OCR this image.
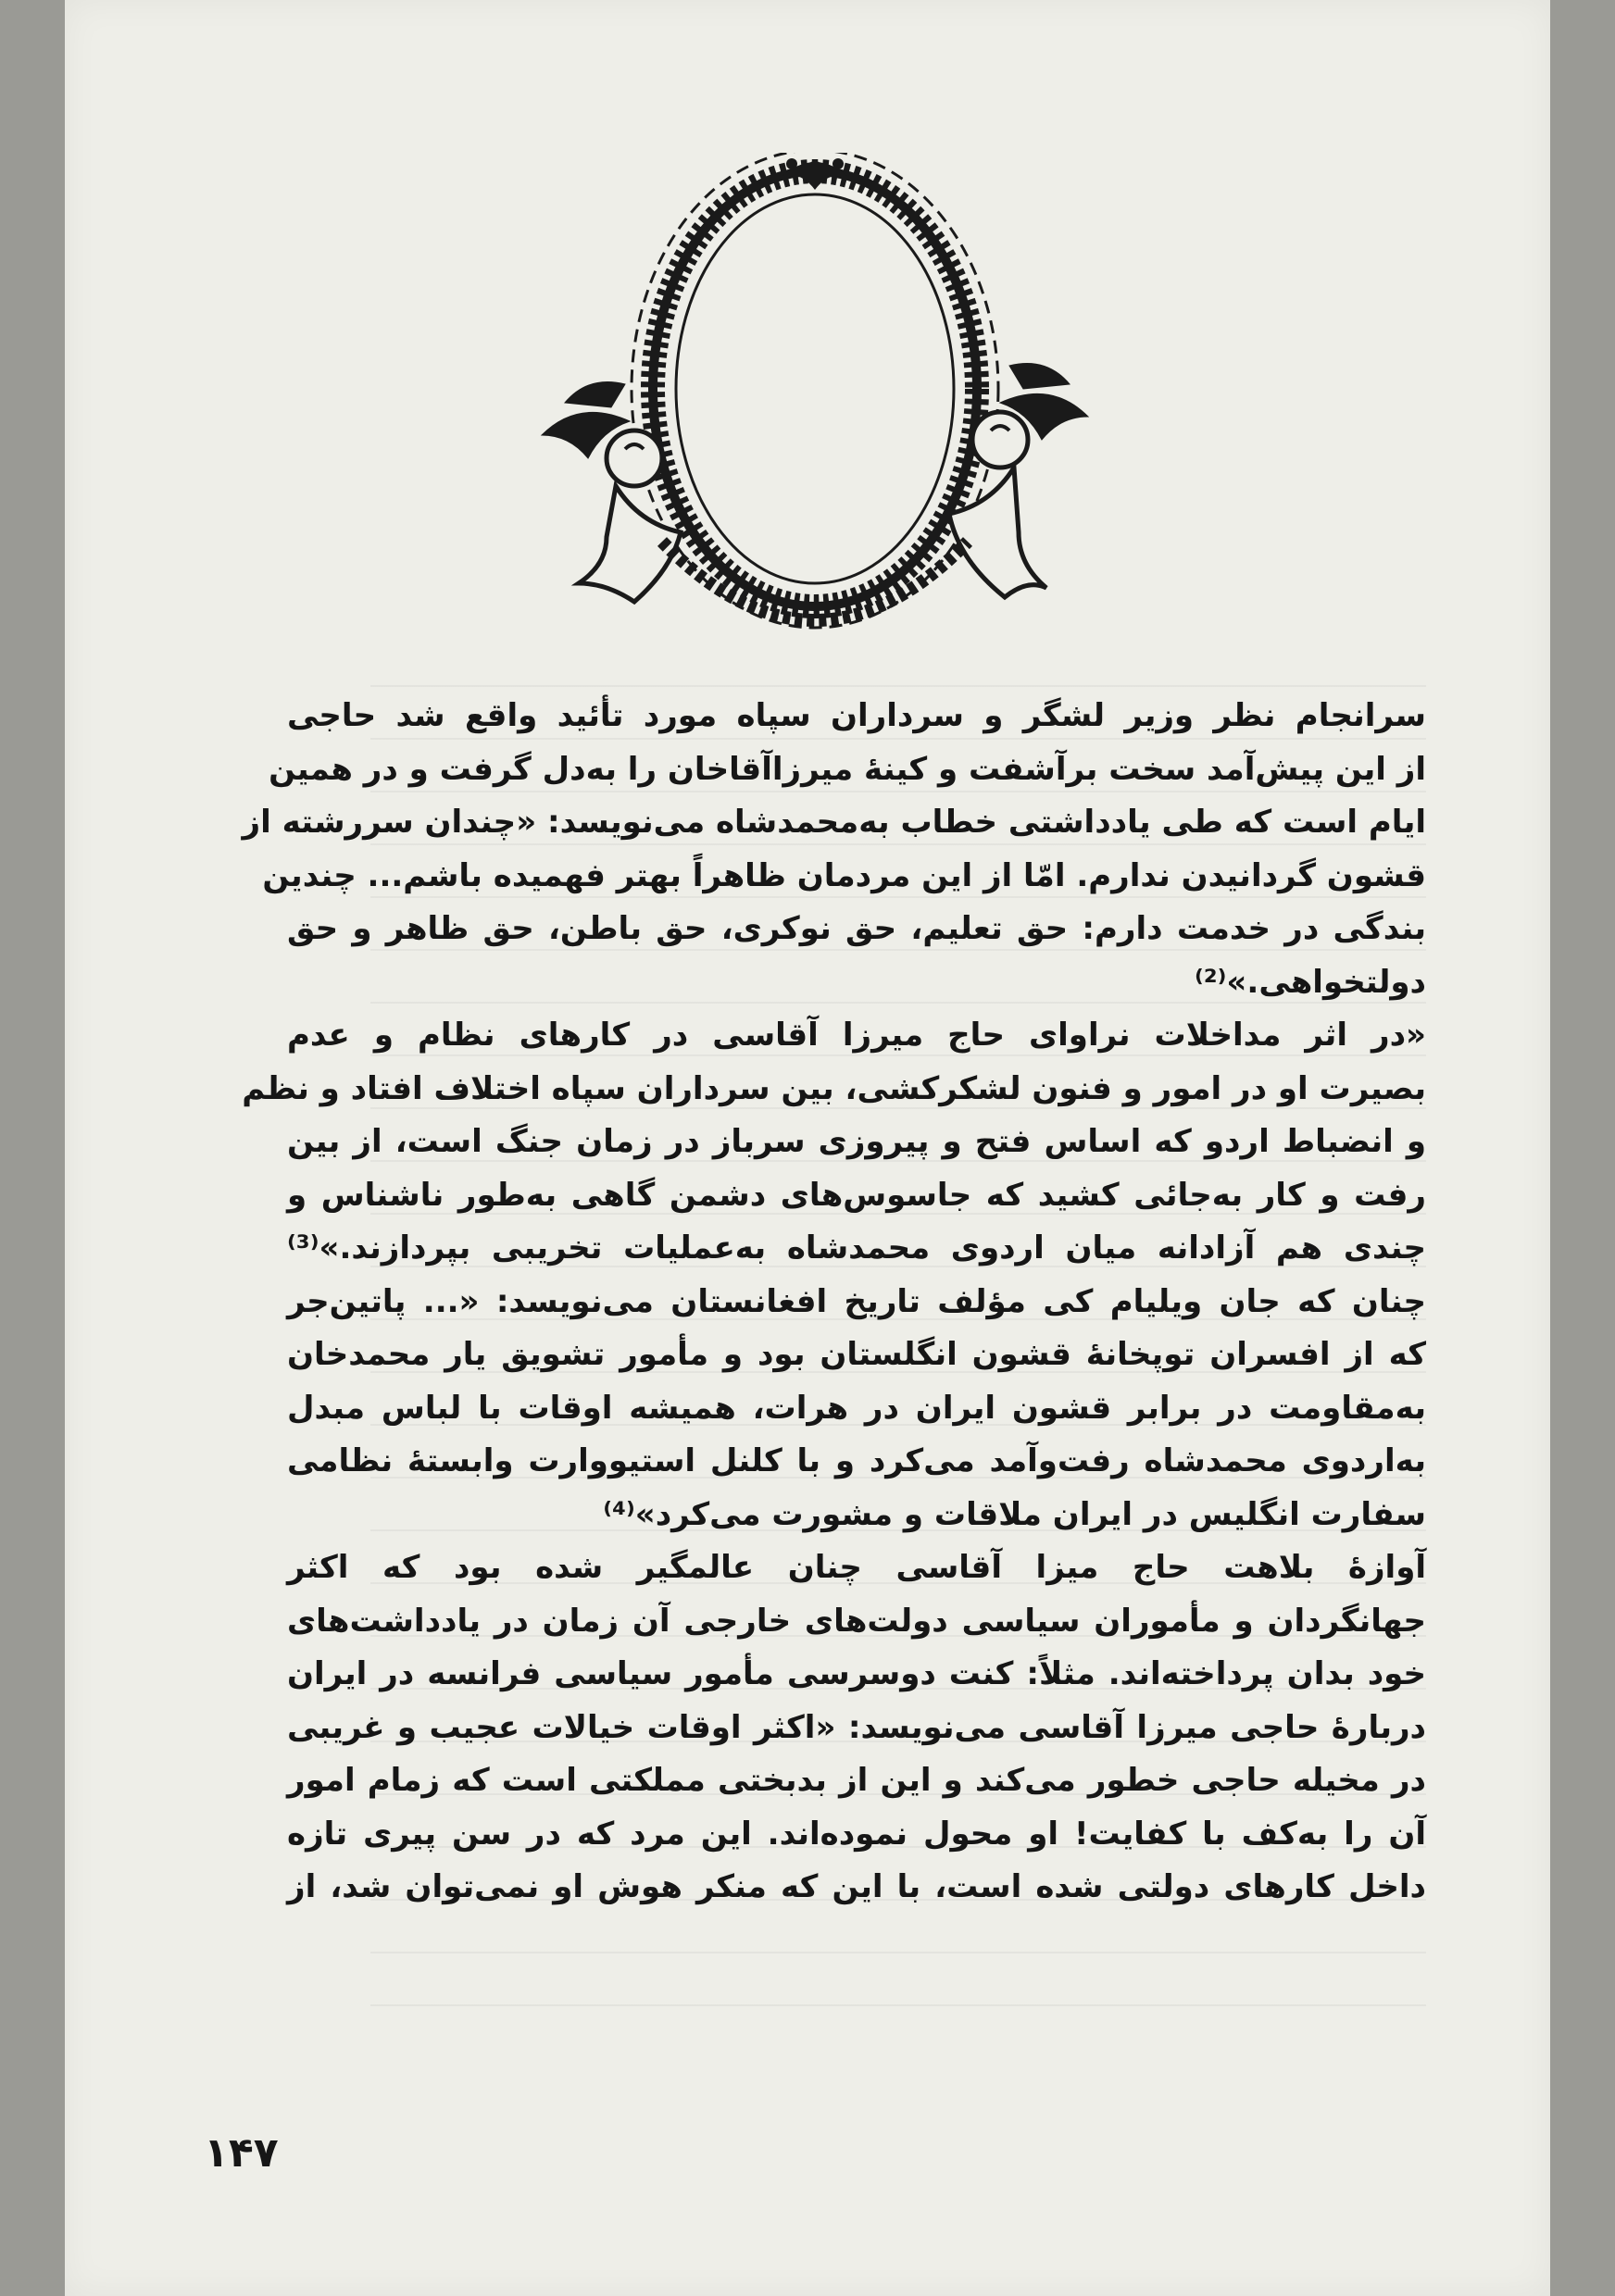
سرانجام نظر وزیر لشگر و سرداران سپاه مورد تأئید واقع شد حاجی
از این پیش‌آمد سخت برآشفت و کینهٔ میرزاآقاخان را به‌دل گرفت و در همین
ایام است که طی یادداشتی خطاب به‌محمدشاه می‌نویسد: «چندان سررشته از
قشون گردانیدن ندارم. امّا از این مردمان ظاهراً بهتر فهمیده باشم... چندین
بندگی در خدمت دارم: حق تعلیم، حق نوکری، حق باطن، حق ظاهر و حق
دولتخواهی.»⁽²⁾

«در اثر مداخلات نراوای حاج میرزا آقاسی در کارهای نظام و عدم
بصیرت او در امور و فنون لشکرکشی، بین سرداران سپاه اختلاف افتاد و نظم
و انضباط اردو که اساس فتح و پیروزی سرباز در زمان جنگ است، از بین
رفت و کار به‌جائی کشید که جاسوس‌های دشمن گاهی به‌طور ناشناس و
چندی هم آزادانه میان اردوی محمدشاه به‌عملیات تخریبی بپردازند.»⁽³⁾

چنان که جان ویلیام کی مؤلف تاریخ افغانستان می‌نویسد: «... پاتین‌جر
که از افسران توپخانهٔ قشون انگلستان بود و مأمور تشویق یار محمدخان
به‌مقاومت در برابر قشون ایران در هرات، همیشه اوقات با لباس مبدل
به‌اردوی محمدشاه رفت‌وآمد می‌کرد و با کلنل استیووارت وابستهٔ نظامی
سفارت انگلیس در ایران ملاقات و مشورت می‌کرد»⁽⁴⁾

آوازهٔ بلاهت حاج میزا آقاسی چنان عالمگیر شده بود که اکثر
جهانگردان و مأموران سیاسی دولت‌های خارجی آن زمان در یادداشت‌های
خود بدان پرداخته‌اند. مثلاً: کنت دوسرسی مأمور سیاسی فرانسه در ایران
دربارهٔ حاجی میرزا آقاسی می‌نویسد: «اکثر اوقات خیالات عجیب و غریبی
در مخیله حاجی خطور می‌کند و این از بدبختی مملکتی است که زمام امور
آن را به‌کف با کفایت! او محول نموده‌اند. این مرد که در سن پیری تازه
داخل کارهای دولتی شده است، با این که منکر هوش او نمی‌توان شد، از

۱۴۷
